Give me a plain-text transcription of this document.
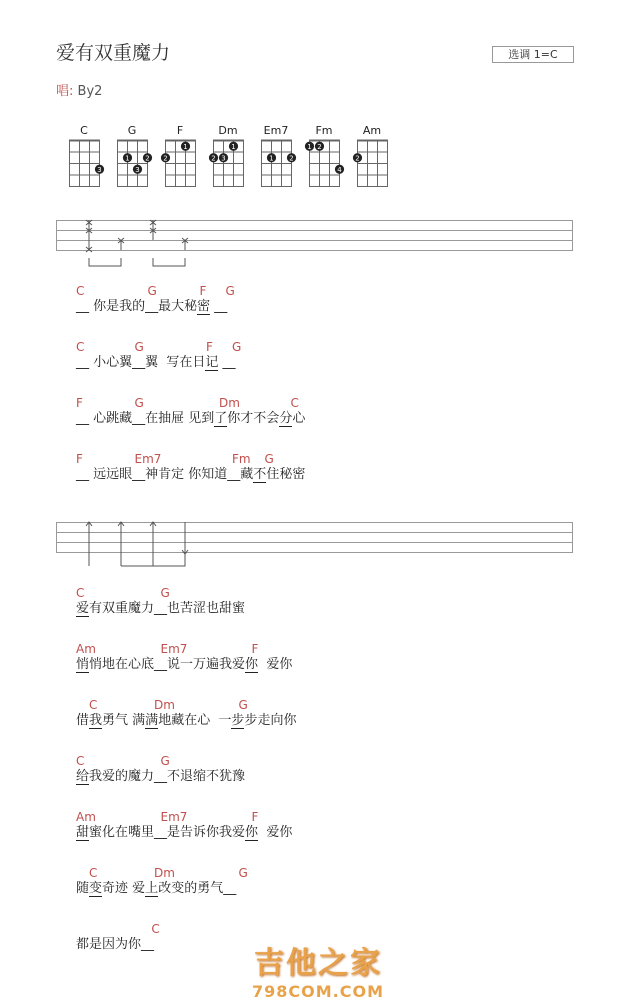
爱有双重魔力	选调 1=C
唱: By2
C
3
G
1
3
2
F
2
1
Dm
2 3
1
Em7
1 2
Fm
1 2
4
Am
2
C	G	F G
__ 你是我的__最大秘密 __
C	G	F G
__ 小心翼__翼  写在日记 __
F	G	Dm	C
__ 心跳藏__在抽屉 见到了你才不会分心
F	Em7	Fm G
__ 远远眼__神肯定 你知道__藏不住秘密
C	G
爱有双重魔力__也苦涩也甜蜜
Am	Em7	F
悄悄地在心底__说一万遍我爱你  爱你
C	Dm	G
借我勇气 满满地藏在心  一步步走向你
C	G
给我爱的魔力__不退缩不犹豫
Am	Em7	F
甜蜜化在嘴里__是告诉你我爱你  爱你
C	Dm	G
随变奇迹 爱上改变的勇气__
C
都是因为你__
吉他之家
798COM.COM
